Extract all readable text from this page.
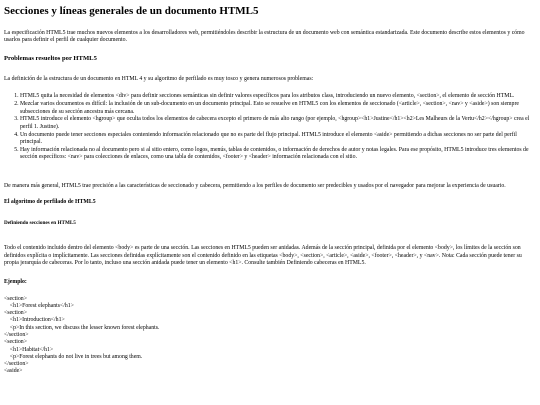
Secciones y líneas generales de un documento HTML5

La especificación HTML5 trae muchos nuevos elementos a los desarrolladores web, permitiéndoles describir la estructura de un documento web con semántica estandarizada. Este documento describe estos elementos y cómo usarlos para definir el perfil de cualquier documento.

Problemas resueltos por HTML5

La definición de la estructura de un documento en HTML 4 y su algoritmo de perfilado es muy tosco y genera numerosos problemas:

1. HTML5 quita la necesidad de elementos <div> para definir secciones semánticas sin definir valores específicos para los atributos class, introduciendo un nuevo elemento, <section>, el elemento de sección HTML.
2. Mezclar varios documentos es difícil: la inclusión de un sub-documento en un documento principal. Esto se resuelve en HTML5 con los elementos de seccionado (<article>, <section>, <nav> y <aside>) son siempre subsecciones de su sección ancestra más cercana.
3. HTML5 introduce el elemento <hgroup> que oculta todos los elementos de cabecera excepto el primero de más alto rango (por ejemplo, <hgroup><h1>Justine</h1><h2>Les Malheurs de la Vertu</h2></hgroup> crea el perfil 1. Justine).
4. Un documento puede tener secciones especiales conteniendo información relacionado que no es parte del flujo principal. HTML5 introduce el elemento <aside> permitiendo a dichas secciones no ser parte del perfil principal.
5. Hay información relacionada no al documento pero si al sitio entero, como logos, menús, tablas de contenidos, o información de derechos de autor y notas legales. Para ese propósito, HTML5 introduce tres elementos de sección específicos: <nav> para colecciones de enlaces, como una tabla de contenidos, <footer> y <header> información relacionada con el sitio.

De manera más general, HTML5 trae precisión a las características de seccionado y cabecera, permitiendo a los perfiles de documento ser predecibles y usados por el navegador para mejorar la experiencia de usuario.

El algoritmo de perfilado de HTML5
Definiendo secciones en HTML5

Todo el contenido incluido dentro del elemento <body> es parte de una sección. Las secciones en HTML5 pueden ser anidadas. Además de la sección principal, definida por el elemento <body>, los límites de la sección son definidos explícita o implícitamente. Las secciones definidas explícitamente son el contenido definido en las etiquetas <body>, <section>, <article>, <aside>, <footer>, <header>, y <nav>. Nota: Cada sección puede tener su propia jerarquía de cabeceras. Por lo tanto, incluso una sección anidada puede tener un elemento <h1>. Consulte también Definiendo cabeceras en HTML5.

Ejemplo:
<section>
<h1>Forest elephants</h1>
<section>
<h1>Introduction</h1>
<p>In this section, we discuss the lesser known forest elephants.
</section>
<section>
<h1>Habitat</h1>
<p>Forest elephants do not live in trees but among them.
</section>
<aside>
